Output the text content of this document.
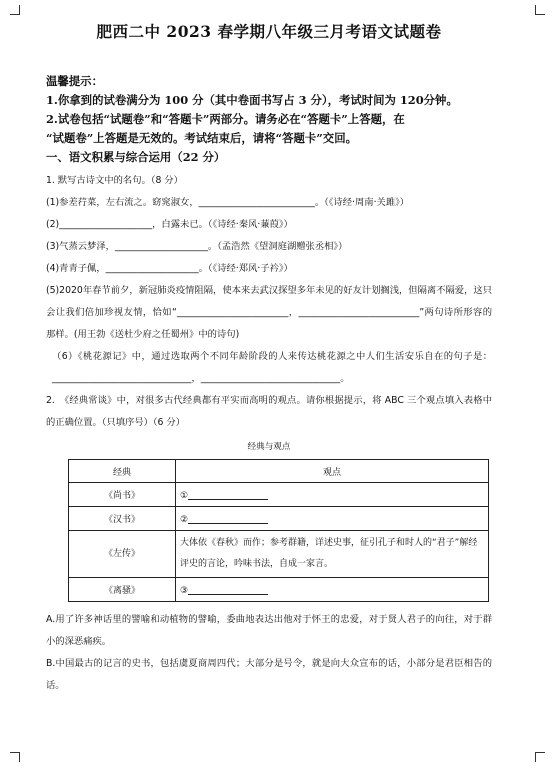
肥西二中 2023 春学期八年级三月考语文试题卷

温馨提示：

1.你拿到的试卷满分为 100 分（其中卷面书写占 3 分），考试时间为 120分钟。

2.试卷包括“试题卷”和“答题卡”两部分。请务必在“答题卡”上答题，在

“试题卷”上答题是无效的。考试结束后，请将“答题卡”交回。

一、语文积累与综合运用（22 分）

1. 默写古诗文中的名句。（8 分）

(1)参差荇菜，左右流之。窈窕淑女，_________________________。（《诗经·周南·关雎》）

(2)____________________，白露未已。（《诗经·秦风·蒹葭》）

(3)气蒸云梦泽，____________________。（孟浩然《望洞庭湖赠张丞相》）

(4)青青子佩，____________________。（《诗经·郑风·子衿》）

(5)2020年春节前夕，新冠肺炎疫情阻隔，使本来去武汉探望多年未见的好友计划搁浅，但隔离不隔爱，这只会让我们倍加珍视友情，恰如“________________________，__________________________”两句诗所形容的那样。(用王勃《送杜少府之任蜀州》中的诗句)

（6）《桃花源记》中，通过选取两个不同年龄阶段的人来传达桃花源之中人们生活安乐自在的句子是：______________________________，______________________________。

2.　《经典常谈》中，对很多古代经典都有平实而高明的观点。请你根据提示，将 ABC 三个观点填入表格中的正确位置。（只填序号）（6 分）

经典与观点

经典	观点
《尚书》	①
《汉书》	②
《左传》	大体依《春秋》而作；参考群籍，详述史事，征引孔子和时人的“君子”解经评史的言论，吟味书法，自成一家言。
《离骚》	③

A.用了许多神话里的譬喻和动植物的譬喻，委曲地表达出他对于怀王的忠爱，对于贤人君子的向往，对于群小的深恶痛疾。

B.中国最古的记言的史书，包括虞夏商周四代；大部分是号令，就是向大众宣布的话，小部分是君臣相告的话。
